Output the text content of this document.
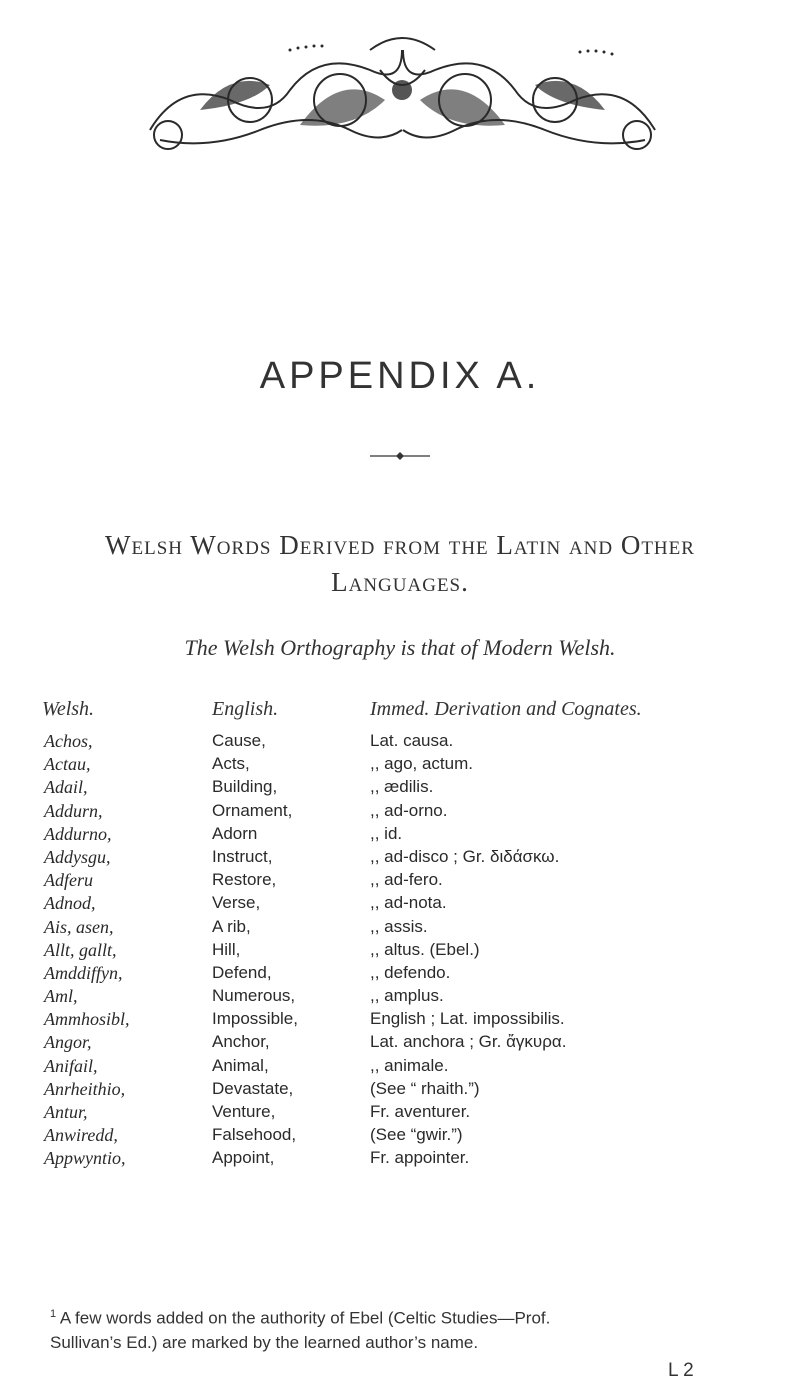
APPENDIX A.
Welsh Words Derived from the Latin and Other
Languages.
The Welsh Orthography is that of Modern Welsh.
Welsh.	English.	Immed. Derivation and Cognates.
Achos,	Cause,	Lat. causa.
Actau,	Acts,	,, ago, actum.
Adail,	Building,	,, ædilis.
Addurn,	Ornament,	,, ad-orno.
Addurno,	Adorn	,, id.
Addysgu,	Instruct,	,, ad-disco ; Gr. διδάσκω.
Adferu	Restore,	,, ad-fero.
Adnod,	Verse,	,, ad-nota.
Ais, asen,	A rib,	,, assis.
Allt, gallt,	Hill,	,, altus. (Ebel.)
Amddiffyn,	Defend,	,, defendo.
Aml,	Numerous,	,, amplus.
Ammhosibl,	Impossible,	English ; Lat. impossibilis.
Angor,	Anchor,	Lat. anchora ; Gr. ἄγκυρα.
Anifail,	Animal,	,, animale.
Anrheithio,	Devastate,	(See “ rhaith.”)
Antur,	Venture,	Fr. aventurer.
Anwiredd,	Falsehood,	(See “gwir.”)
Appwyntio,	Appoint,	Fr. appointer.
$^1$ A few words added on the authority of Ebel (Celtic Studies—Prof.
Sullivan’s Ed.) are marked by the learned author’s name.
L 2
